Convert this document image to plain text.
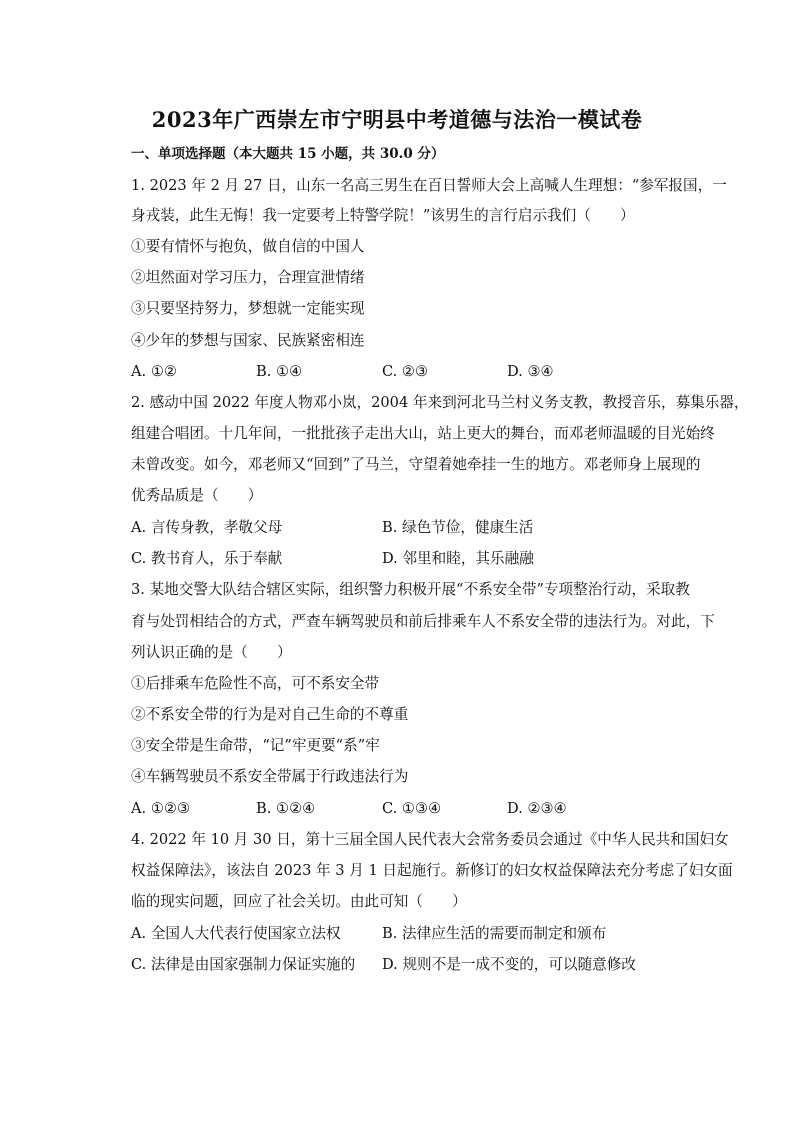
2023年广西崇左市宁明县中考道德与法治一模试卷
一、单项选择题（本大题共 15 小题，共 30.0 分）
1. 2023 年 2 月 27 日，山东一名高三男生在百日誓师大会上高喊人生理想：“参军报国，一
身戎装，此生无悔！我一定要考上特警学院！”该男生的言行启示我们（　　）
①要有情怀与抱负，做自信的中国人
②坦然面对学习压力，合理宣泄情绪
③只要坚持努力，梦想就一定能实现
④少年的梦想与国家、民族紧密相连
A. ①②	B. ①④	C. ②③	D. ③④
2. 感动中国 2022 年度人物邓小岚，2004 年来到河北马兰村义务支教，教授音乐，募集乐器，
组建合唱团。十几年间，一批批孩子走出大山，站上更大的舞台，而邓老师温暖的目光始终
未曾改变。如今，邓老师又“回到”了马兰，守望着她牵挂一生的地方。邓老师身上展现的
优秀品质是（　　）
A. 言传身教，孝敬父母	B. 绿色节俭，健康生活
C. 教书育人，乐于奉献	D. 邻里和睦，其乐融融
3. 某地交警大队结合辖区实际，组织警力积极开展“不系安全带”专项整治行动，采取教
育与处罚相结合的方式，严查车辆驾驶员和前后排乘车人不系安全带的违法行为。对此，下
列认识正确的是（　　）
①后排乘车危险性不高，可不系安全带
②不系安全带的行为是对自己生命的不尊重
③安全带是生命带，“记”牢更要“系”牢
④车辆驾驶员不系安全带属于行政违法行为
A. ①②③	B. ①②④	C. ①③④	D. ②③④
4. 2022 年 10 月 30 日，第十三届全国人民代表大会常务委员会通过《中华人民共和国妇女
权益保障法》，该法自 2023 年 3 月 1 日起施行。新修订的妇女权益保障法充分考虑了妇女面
临的现实问题，回应了社会关切。由此可知（　　）
A. 全国人大代表行使国家立法权	B. 法律应生活的需要而制定和颁布
C. 法律是由国家强制力保证实施的 D. 规则不是一成不变的，可以随意修改
